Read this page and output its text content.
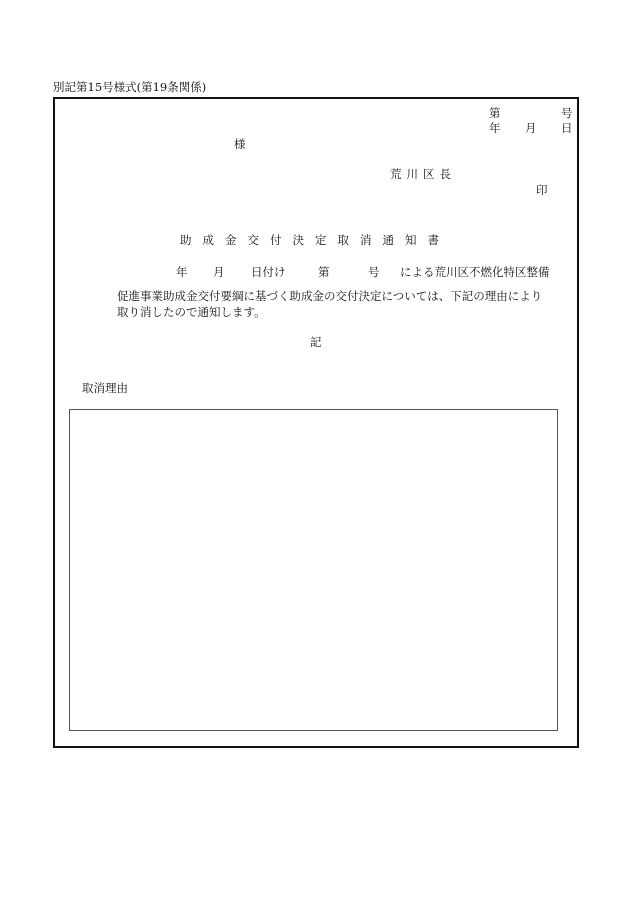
別記第15号様式(第19条関係)
第	号
年 月 日
様
荒川区長
印
助成金交付決定取消通知書
年 月 日付け	第	号 による荒川区不燃化特区整備
促進事業助成金交付要綱に基づく助成金の交付決定については、下記の理由により
取り消したので通知します。
記
取消理由
